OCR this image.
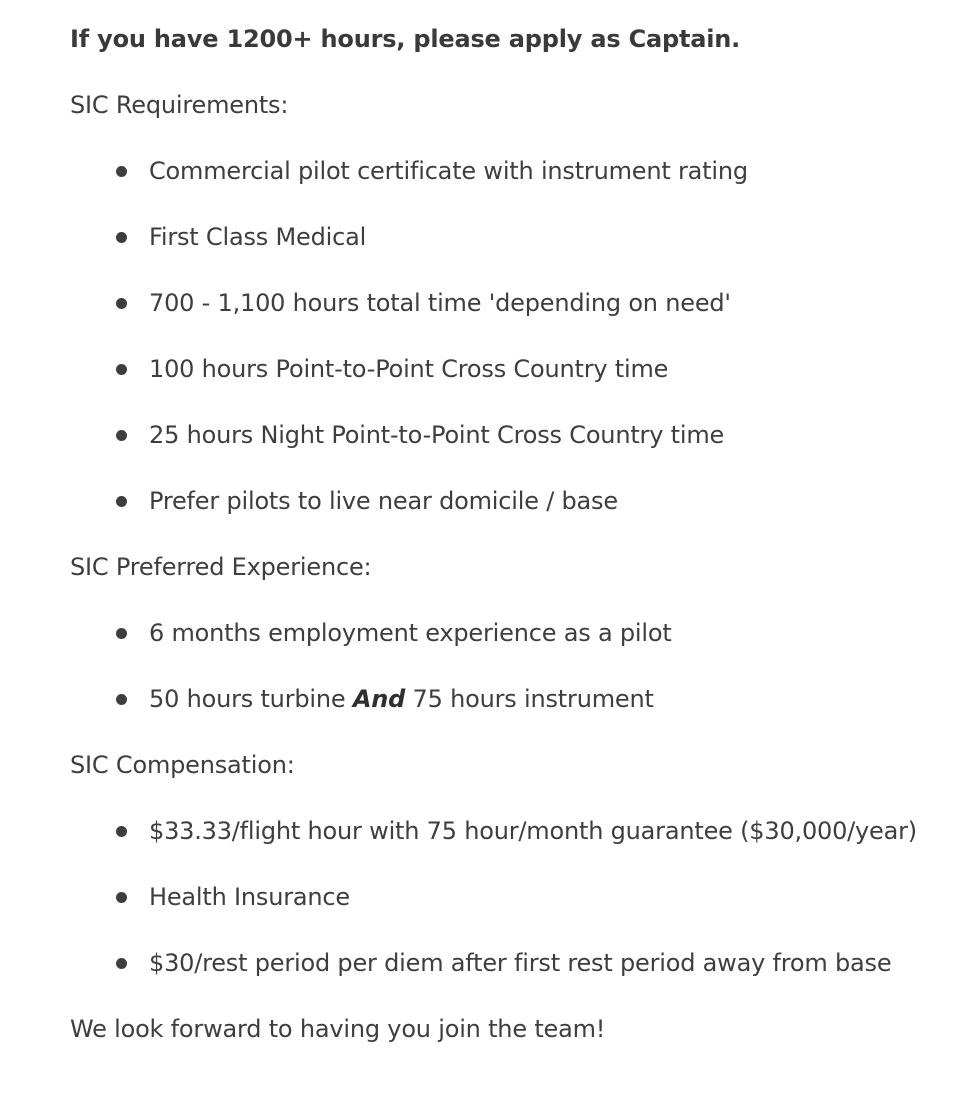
If you have 1200+ hours, please apply as Captain.
SIC Requirements:
Commercial pilot certificate with instrument rating
First Class Medical
700 - 1,100 hours total time 'depending on need'
100 hours Point-to-Point Cross Country time
25 hours Night Point-to-Point Cross Country time
Prefer pilots to live near domicile / base
SIC Preferred Experience:
6 months employment experience as a pilot
50 hours turbine And 75 hours instrument
SIC Compensation:
$33.33/flight hour with 75 hour/month guarantee ($30,000/year)
Health Insurance
$30/rest period per diem after first rest period away from base
We look forward to having you join the team!
